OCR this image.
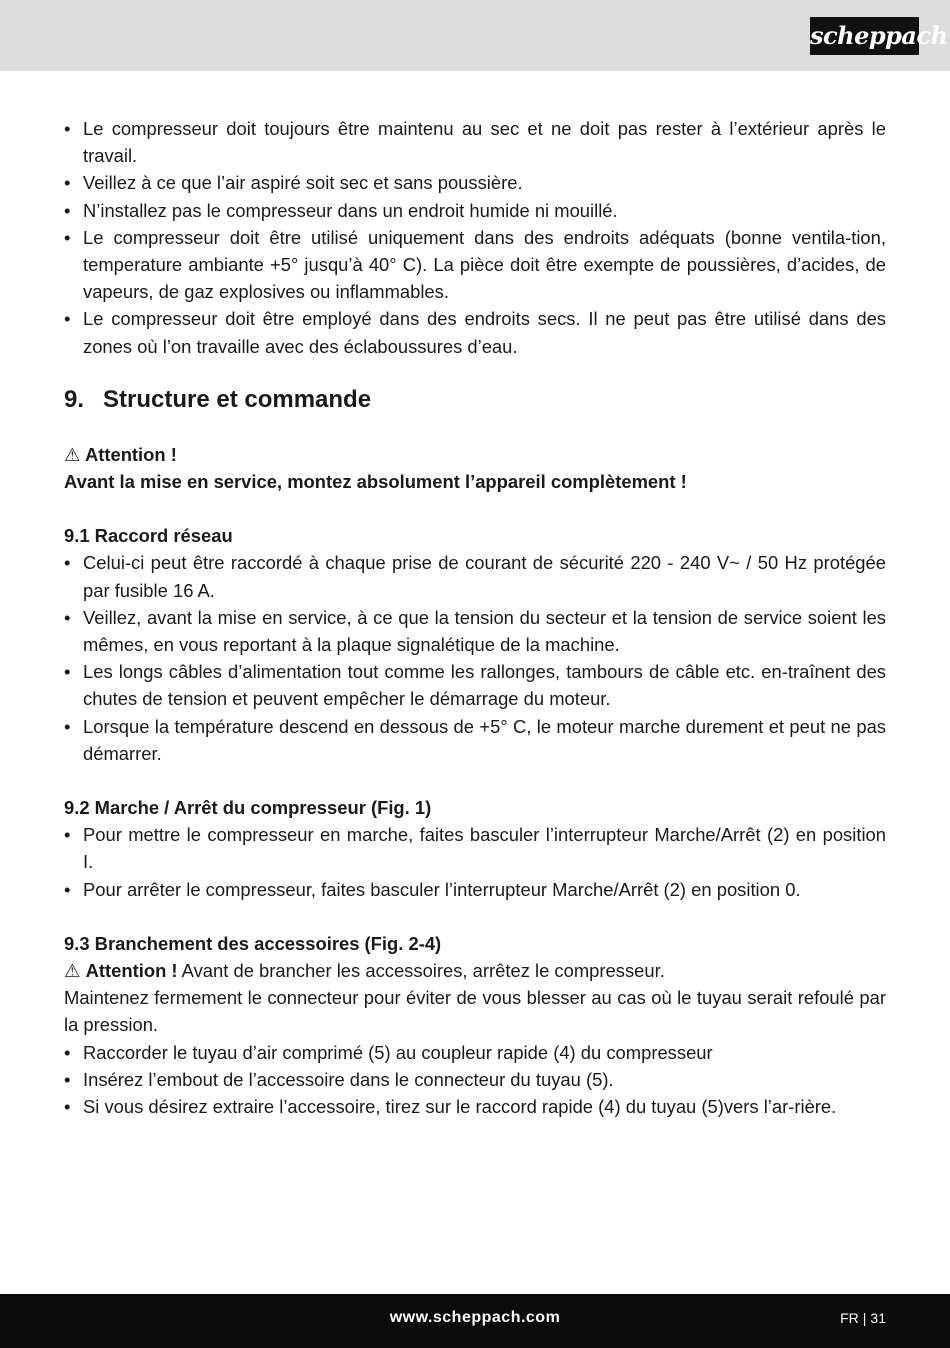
scheppach
• Le compresseur doit toujours être maintenu au sec et ne doit pas rester à l’extérieur après le travail.
• Veillez à ce que l’air aspiré soit sec et sans poussière.
• N’installez pas le compresseur dans un endroit humide ni mouillé.
• Le compresseur doit être utilisé uniquement dans des endroits adéquats (bonne ventila-tion, temperature ambiante +5° jusqu’à 40° C). La pièce doit être exempte de poussières, d’acides, de vapeurs, de gaz explosives ou inflammables.
• Le compresseur doit être employé dans des endroits secs. Il ne peut pas être utilisé dans des zones où l’on travaille avec des éclaboussures d’eau.
9. Structure et commande
⚠ Attention !
Avant la mise en service, montez absolument l’appareil complètement !
9.1 Raccord réseau
• Celui-ci peut être raccordé à chaque prise de courant de sécurité 220 - 240 V~ / 50 Hz protégée par fusible 16 A.
• Veillez, avant la mise en service, à ce que la tension du secteur et la tension de service soient les mêmes, en vous reportant à la plaque signalétique de la machine.
• Les longs câbles d’alimentation tout comme les rallonges, tambours de câble etc. en-traînent des chutes de tension et peuvent empêcher le démarrage du moteur.
• Lorsque la température descend en dessous de +5° C, le moteur marche durement et peut ne pas démarrer.
9.2 Marche / Arrêt du compresseur (Fig. 1)
• Pour mettre le compresseur en marche, faites basculer l’interrupteur Marche/Arrêt (2) en position I.
• Pour arrêter le compresseur, faites basculer l’interrupteur Marche/Arrêt (2) en position 0.
9.3 Branchement des accessoires (Fig. 2-4)

⚠ Attention ! Avant de brancher les accessoires, arrêtez le compresseur.

Maintenez fermement le connecteur pour éviter de vous blesser au cas où le tuyau serait refoulé par la pression.

• Raccorder le tuyau d’air comprimé (5) au coupleur rapide (4) du compresseur
• Insérez l’embout de l’accessoire dans le connecteur du tuyau (5).
• Si vous désirez extraire l’accessoire, tirez sur le raccord rapide (4) du tuyau (5)vers l’ar-rière.
www.scheppach.com	FR | 31
